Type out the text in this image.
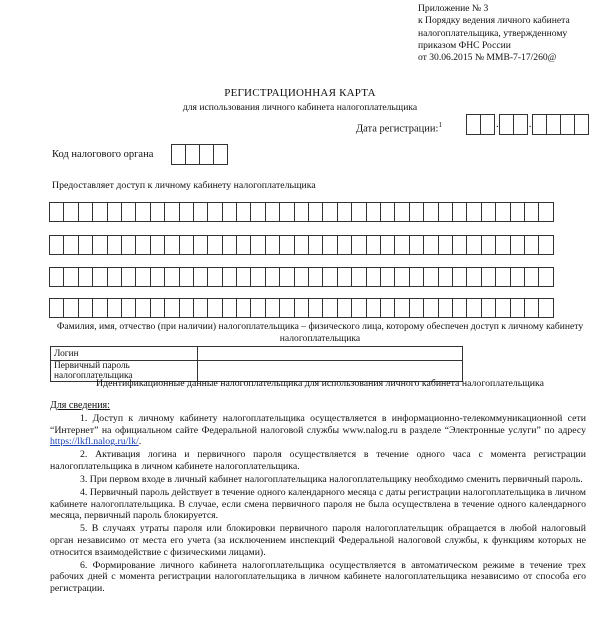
Приложение № 3
к Порядку ведения личного кабинета
налогоплательщика, утвержденному
приказом ФНС России
от 30.06.2015 № ММВ-7-17/260@
РЕГИСТРАЦИОННАЯ КАРТА
для использования личного кабинета налогоплательщика
Дата регистрации:$^1$	.	.
Код налогового органа
Предоставляет доступ к личному кабинету налогоплательщика
Фамилия, имя, отчество (при наличии) налогоплательщика – физического лица, которому обеспечен доступ к личному кабинету налогоплательщика
Логин	
Первичный пароль налогоплательщика	
Идентификационные данные налогоплательщика для использования личного кабинета налогоплательщика
Для сведения:

1. Доступ к личному кабинету налогоплательщика осуществляется в информационно-телекоммуникационной сети “Интернет” на официальном сайте Федеральной налоговой службы www.nalog.ru в разделе “Электронные услуги” по адресу https://lkfl.nalog.ru/lk/.

2. Активация логина и первичного пароля осуществляется в течение одного часа с момента регистрации налогоплательщика в личном кабинете налогоплательщика.

3. При первом входе в личный кабинет налогоплательщика налогоплательщику необходимо сменить первичный пароль.

4. Первичный пароль действует в течение одного календарного месяца с даты регистрации налогоплательщика в личном кабинете налогоплательщика. В случае, если смена первичного пароля не была осуществлена в течение одного календарного месяца, первичный пароль блокируется.

5. В случаях утраты пароля или блокировки первичного пароля налогоплательщик обращается в любой налоговый орган независимо от места его учета (за исключением инспекций Федеральной налоговой службы, к функциям которых не относится взаимодействие с физическими лицами).

6. Формирование личного кабинета налогоплательщика осуществляется в автоматическом режиме в течение трех рабочих дней с момента регистрации налогоплательщика в личном кабинете налогоплательщика независимо от способа его регистрации.
